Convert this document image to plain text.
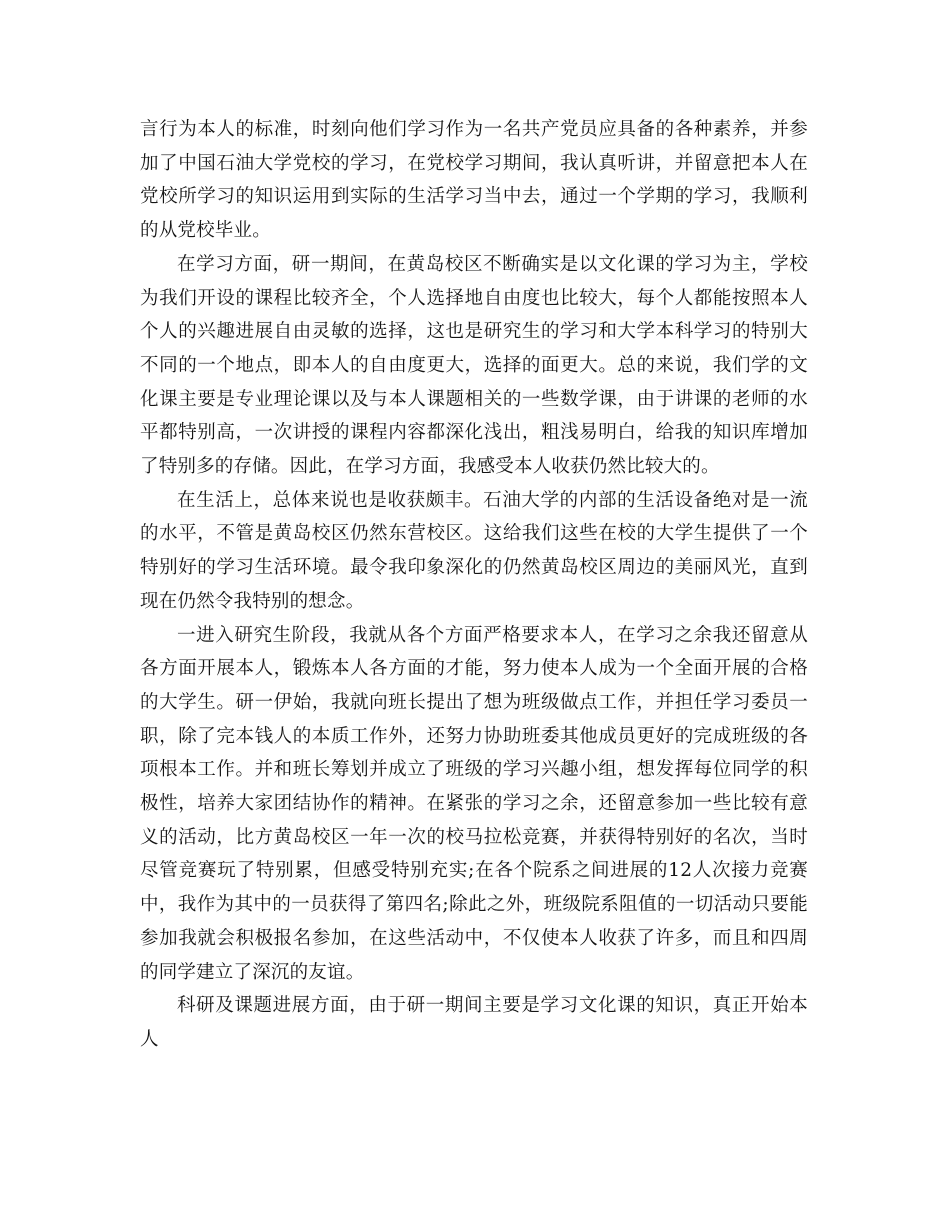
言行为本人的标准，时刻向他们学习作为一名共产党员应具备的各种素养，并参加了中国石油大学党校的学习，在党校学习期间，我认真听讲，并留意把本人在党校所学习的知识运用到实际的生活学习当中去，通过一个学期的学习，我顺利的从党校毕业。

在学习方面，研一期间，在黄岛校区不断确实是以文化课的学习为主，学校为我们开设的课程比较齐全，个人选择地自由度也比较大，每个人都能按照本人个人的兴趣进展自由灵敏的选择，这也是研究生的学习和大学本科学习的特别大不同的一个地点，即本人的自由度更大，选择的面更大。总的来说，我们学的文化课主要是专业理论课以及与本人课题相关的一些数学课，由于讲课的老师的水平都特别高，一次讲授的课程内容都深化浅出，粗浅易明白，给我的知识库增加了特别多的存储。因此，在学习方面，我感受本人收获仍然比较大的。

在生活上，总体来说也是收获颇丰。石油大学的内部的生活设备绝对是一流的水平，不管是黄岛校区仍然东营校区。这给我们这些在校的大学生提供了一个特别好的学习生活环境。最令我印象深化的仍然黄岛校区周边的美丽风光，直到现在仍然令我特别的想念。

一进入研究生阶段，我就从各个方面严格要求本人，在学习之余我还留意从各方面开展本人，锻炼本人各方面的才能，努力使本人成为一个全面开展的合格的大学生。研一伊始，我就向班长提出了想为班级做点工作，并担任学习委员一职，除了完本钱人的本质工作外，还努力协助班委其他成员更好的完成班级的各项根本工作。并和班长筹划并成立了班级的学习兴趣小组，想发挥每位同学的积极性，培养大家团结协作的精神。在紧张的学习之余，还留意参加一些比较有意义的活动，比方黄岛校区一年一次的校马拉松竞赛，并获得特别好的名次，当时尽管竞赛玩了特别累，但感受特别充实;在各个院系之间进展的12人次接力竞赛中，我作为其中的一员获得了第四名;除此之外，班级院系阻值的一切活动只要能参加我就会积极报名参加，在这些活动中，不仅使本人收获了许多，而且和四周的同学建立了深沉的友谊。

科研及课题进展方面，由于研一期间主要是学习文化课的知识，真正开始本人
